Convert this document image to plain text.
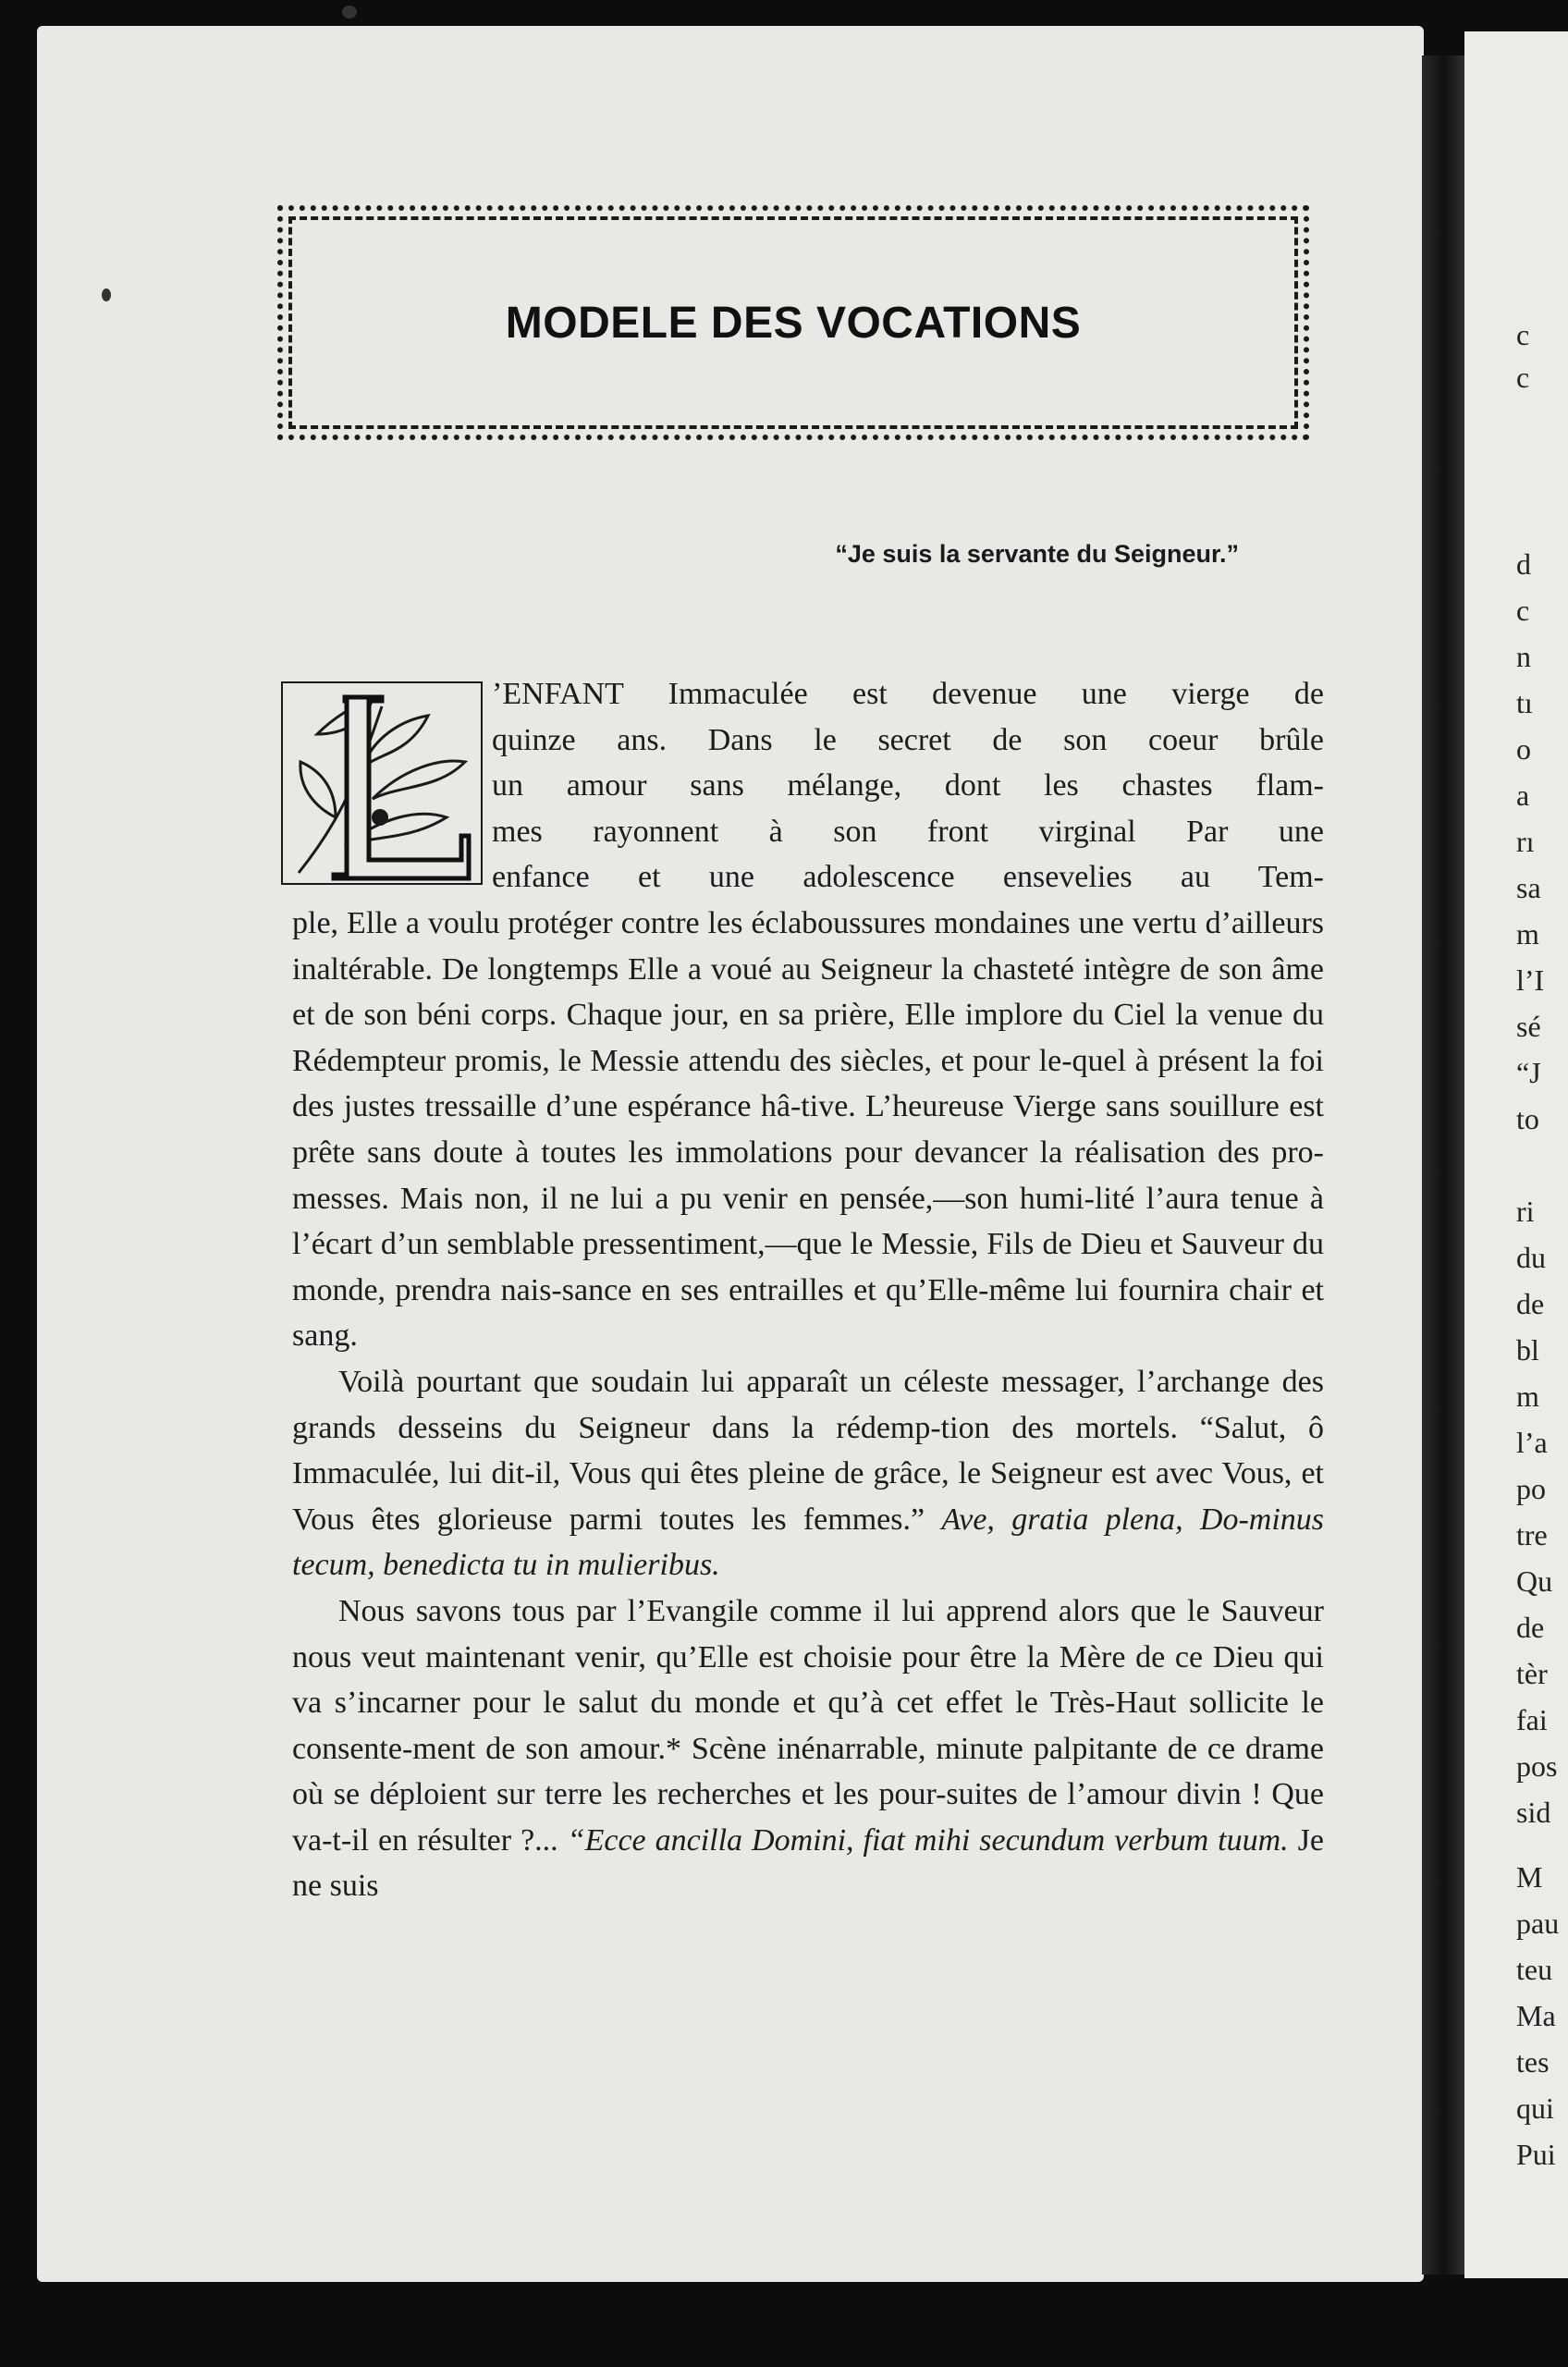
MODELE DES VOCATIONS
“Je suis la servante du Seigneur.”
’ENFANT Immaculée est devenue une vierge de
quinze ans. Dans le secret de son coeur brûle
un amour sans mélange, dont les chastes flam-
mes rayonnent à son front virginal Par une
enfance et une adolescence ensevelies au Tem-

ple, Elle a voulu protéger contre les éclaboussures mondaines une vertu d’ailleurs inaltérable. De longtemps Elle a voué au Seigneur la chasteté intègre de son âme et de son béni corps. Chaque jour, en sa prière, Elle implore du Ciel la venue du Rédempteur promis, le Messie attendu des siècles, et pour le-quel à présent la foi des justes tressaille d’une espérance hâ-tive. L’heureuse Vierge sans souillure est prête sans doute à toutes les immolations pour devancer la réalisation des pro-messes. Mais non, il ne lui a pu venir en pensée,—son humi-lité l’aura tenue à l’écart d’un semblable pressentiment,—que le Messie, Fils de Dieu et Sauveur du monde, prendra nais-sance en ses entrailles et qu’Elle-même lui fournira chair et sang.

Voilà pourtant que soudain lui apparaît un céleste messager, l’archange des grands desseins du Seigneur dans la rédemp-tion des mortels. “Salut, ô Immaculée, lui dit-il, Vous qui êtes pleine de grâce, le Seigneur est avec Vous, et Vous êtes glorieuse parmi toutes les femmes.” Ave, gratia plena, Do-minus tecum, benedicta tu in mulieribus.

Nous savons tous par l’Evangile comme il lui apprend alors que le Sauveur nous veut maintenant venir, qu’Elle est choisie pour être la Mère de ce Dieu qui va s’incarner pour le salut du monde et qu’à cet effet le Très-Haut sollicite le consente-ment de son amour.* Scène inénarrable, minute palpitante de ce drame où se déploient sur terre les recherches et les pour-suites de l’amour divin ! Que va-t-il en résulter ?... “Ecce ancilla Domini, fiat mihi secundum verbum tuum. Je ne suis
